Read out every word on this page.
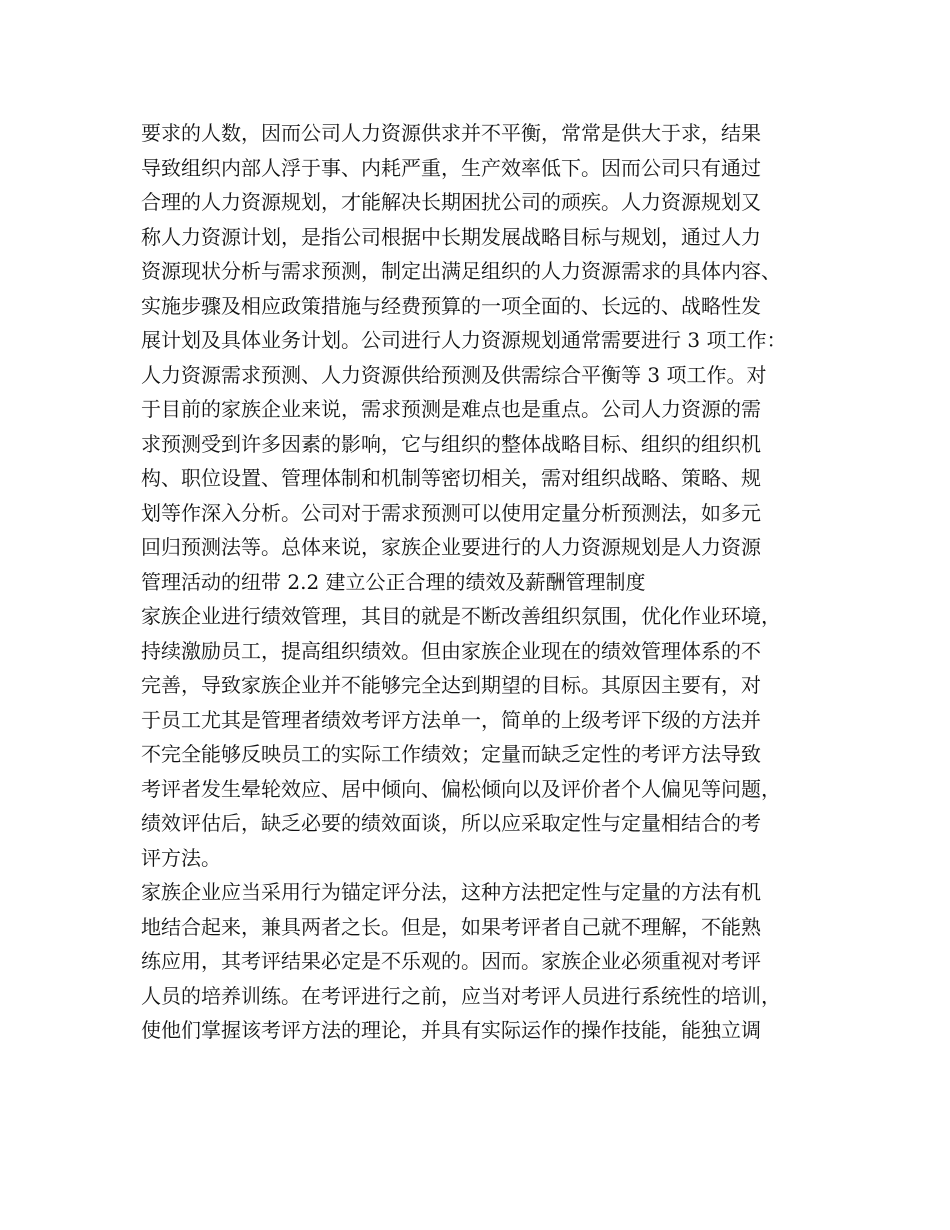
要求的人数，因而公司人力资源供求并不平衡，常常是供大于求，结果
导致组织内部人浮于事、内耗严重，生产效率低下。因而公司只有通过
合理的人力资源规划，才能解决长期困扰公司的顽疾。人力资源规划又
称人力资源计划，是指公司根据中长期发展战略目标与规划，通过人力
资源现状分析与需求预测，制定出满足组织的人力资源需求的具体内容、
实施步骤及相应政策措施与经费预算的一项全面的、长远的、战略性发
展计划及具体业务计划。公司进行人力资源规划通常需要进行 3 项工作：
人力资源需求预测、人力资源供给预测及供需综合平衡等 3 项工作。对
于目前的家族企业来说，需求预测是难点也是重点。公司人力资源的需
求预测受到许多因素的影响，它与组织的整体战略目标、组织的组织机
构、职位设置、管理体制和机制等密切相关，需对组织战略、策略、规
划等作深入分析。公司对于需求预测可以使用定量分析预测法，如多元
回归预测法等。总体来说，家族企业要进行的人力资源规划是人力资源
管理活动的纽带 2.2 建立公正合理的绩效及薪酬管理制度
家族企业进行绩效管理，其目的就是不断改善组织氛围，优化作业环境，
持续激励员工，提高组织绩效。但由家族企业现在的绩效管理体系的不
完善，导致家族企业并不能够完全达到期望的目标。其原因主要有，对
于员工尤其是管理者绩效考评方法单一，简单的上级考评下级的方法并
不完全能够反映员工的实际工作绩效；定量而缺乏定性的考评方法导致
考评者发生晕轮效应、居中倾向、偏松倾向以及评价者个人偏见等问题，
绩效评估后，缺乏必要的绩效面谈，所以应采取定性与定量相结合的考
评方法。
家族企业应当采用行为锚定评分法，这种方法把定性与定量的方法有机
地结合起来，兼具两者之长。但是，如果考评者自己就不理解，不能熟
练应用，其考评结果必定是不乐观的。因而。家族企业必须重视对考评
人员的培养训练。在考评进行之前，应当对考评人员进行系统性的培训，
使他们掌握该考评方法的理论，并具有实际运作的操作技能，能独立调
